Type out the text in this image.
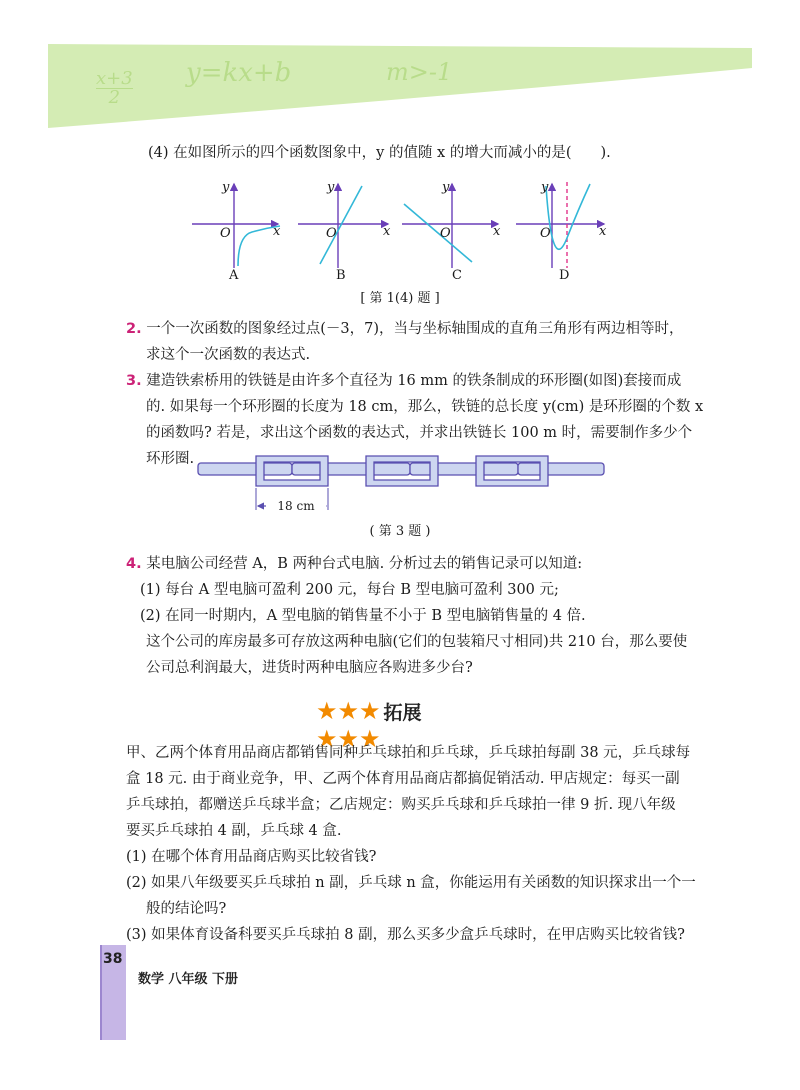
$\frac{x+3}{2} y=kx+b$	m>-1
(4) 在如图所示的四个函数图象中，y 的值随 x 的增大而减小的是(　　).
y
x
O
A
y
x
O
B
y
x
O
C
y
x
O
D
[ 第 1(4) 题 ]
2. 一个一次函数的图象经过点(－3，7)，当与坐标轴围成的直角三角形有两边相等时，
求这个一次函数的表达式.
3. 建造铁索桥用的铁链是由许多个直径为 16 mm 的铁条制成的环形圈(如图)套接而成
的. 如果每一个环形圈的长度为 18 cm，那么，铁链的总长度 y(cm) 是环形圈的个数 x
的函数吗? 若是，求出这个函数的表达式，并求出铁链长 100 m 时，需要制作多少个
环形圈.
18 cm
( 第 3 题 )
4. 某电脑公司经营 A，B 两种台式电脑. 分析过去的销售记录可以知道:
(1) 每台 A 型电脑可盈利 200 元，每台 B 型电脑可盈利 300 元;
(2) 在同一时期内，A 型电脑的销售量不小于 B 型电脑销售量的 4 倍.
这个公司的库房最多可存放这两种电脑(它们的包装箱尺寸相同)共 210 台，那么要使
公司总利润最大，进货时两种电脑应各购进多少台?
★★★ 拓展★★★
甲、乙两个体育用品商店都销售同种乒乓球拍和乒乓球，乒乓球拍每副 38 元，乒乓球每
盒 18 元. 由于商业竞争，甲、乙两个体育用品商店都搞促销活动. 甲店规定：每买一副
乒乓球拍，都赠送乒乓球半盒；乙店规定：购买乒乓球和乒乓球拍一律 9 折. 现八年级
要买乒乓球拍 4 副，乒乓球 4 盒.
(1) 在哪个体育用品商店购买比较省钱?
(2) 如果八年级要买乒乓球拍 n 副，乒乓球 n 盒，你能运用有关函数的知识探求出一个一
般的结论吗?
(3) 如果体育设备科要买乒乓球拍 8 副，那么买多少盒乒乓球时，在甲店购买比较省钱?
38
数学 八年级 下册
